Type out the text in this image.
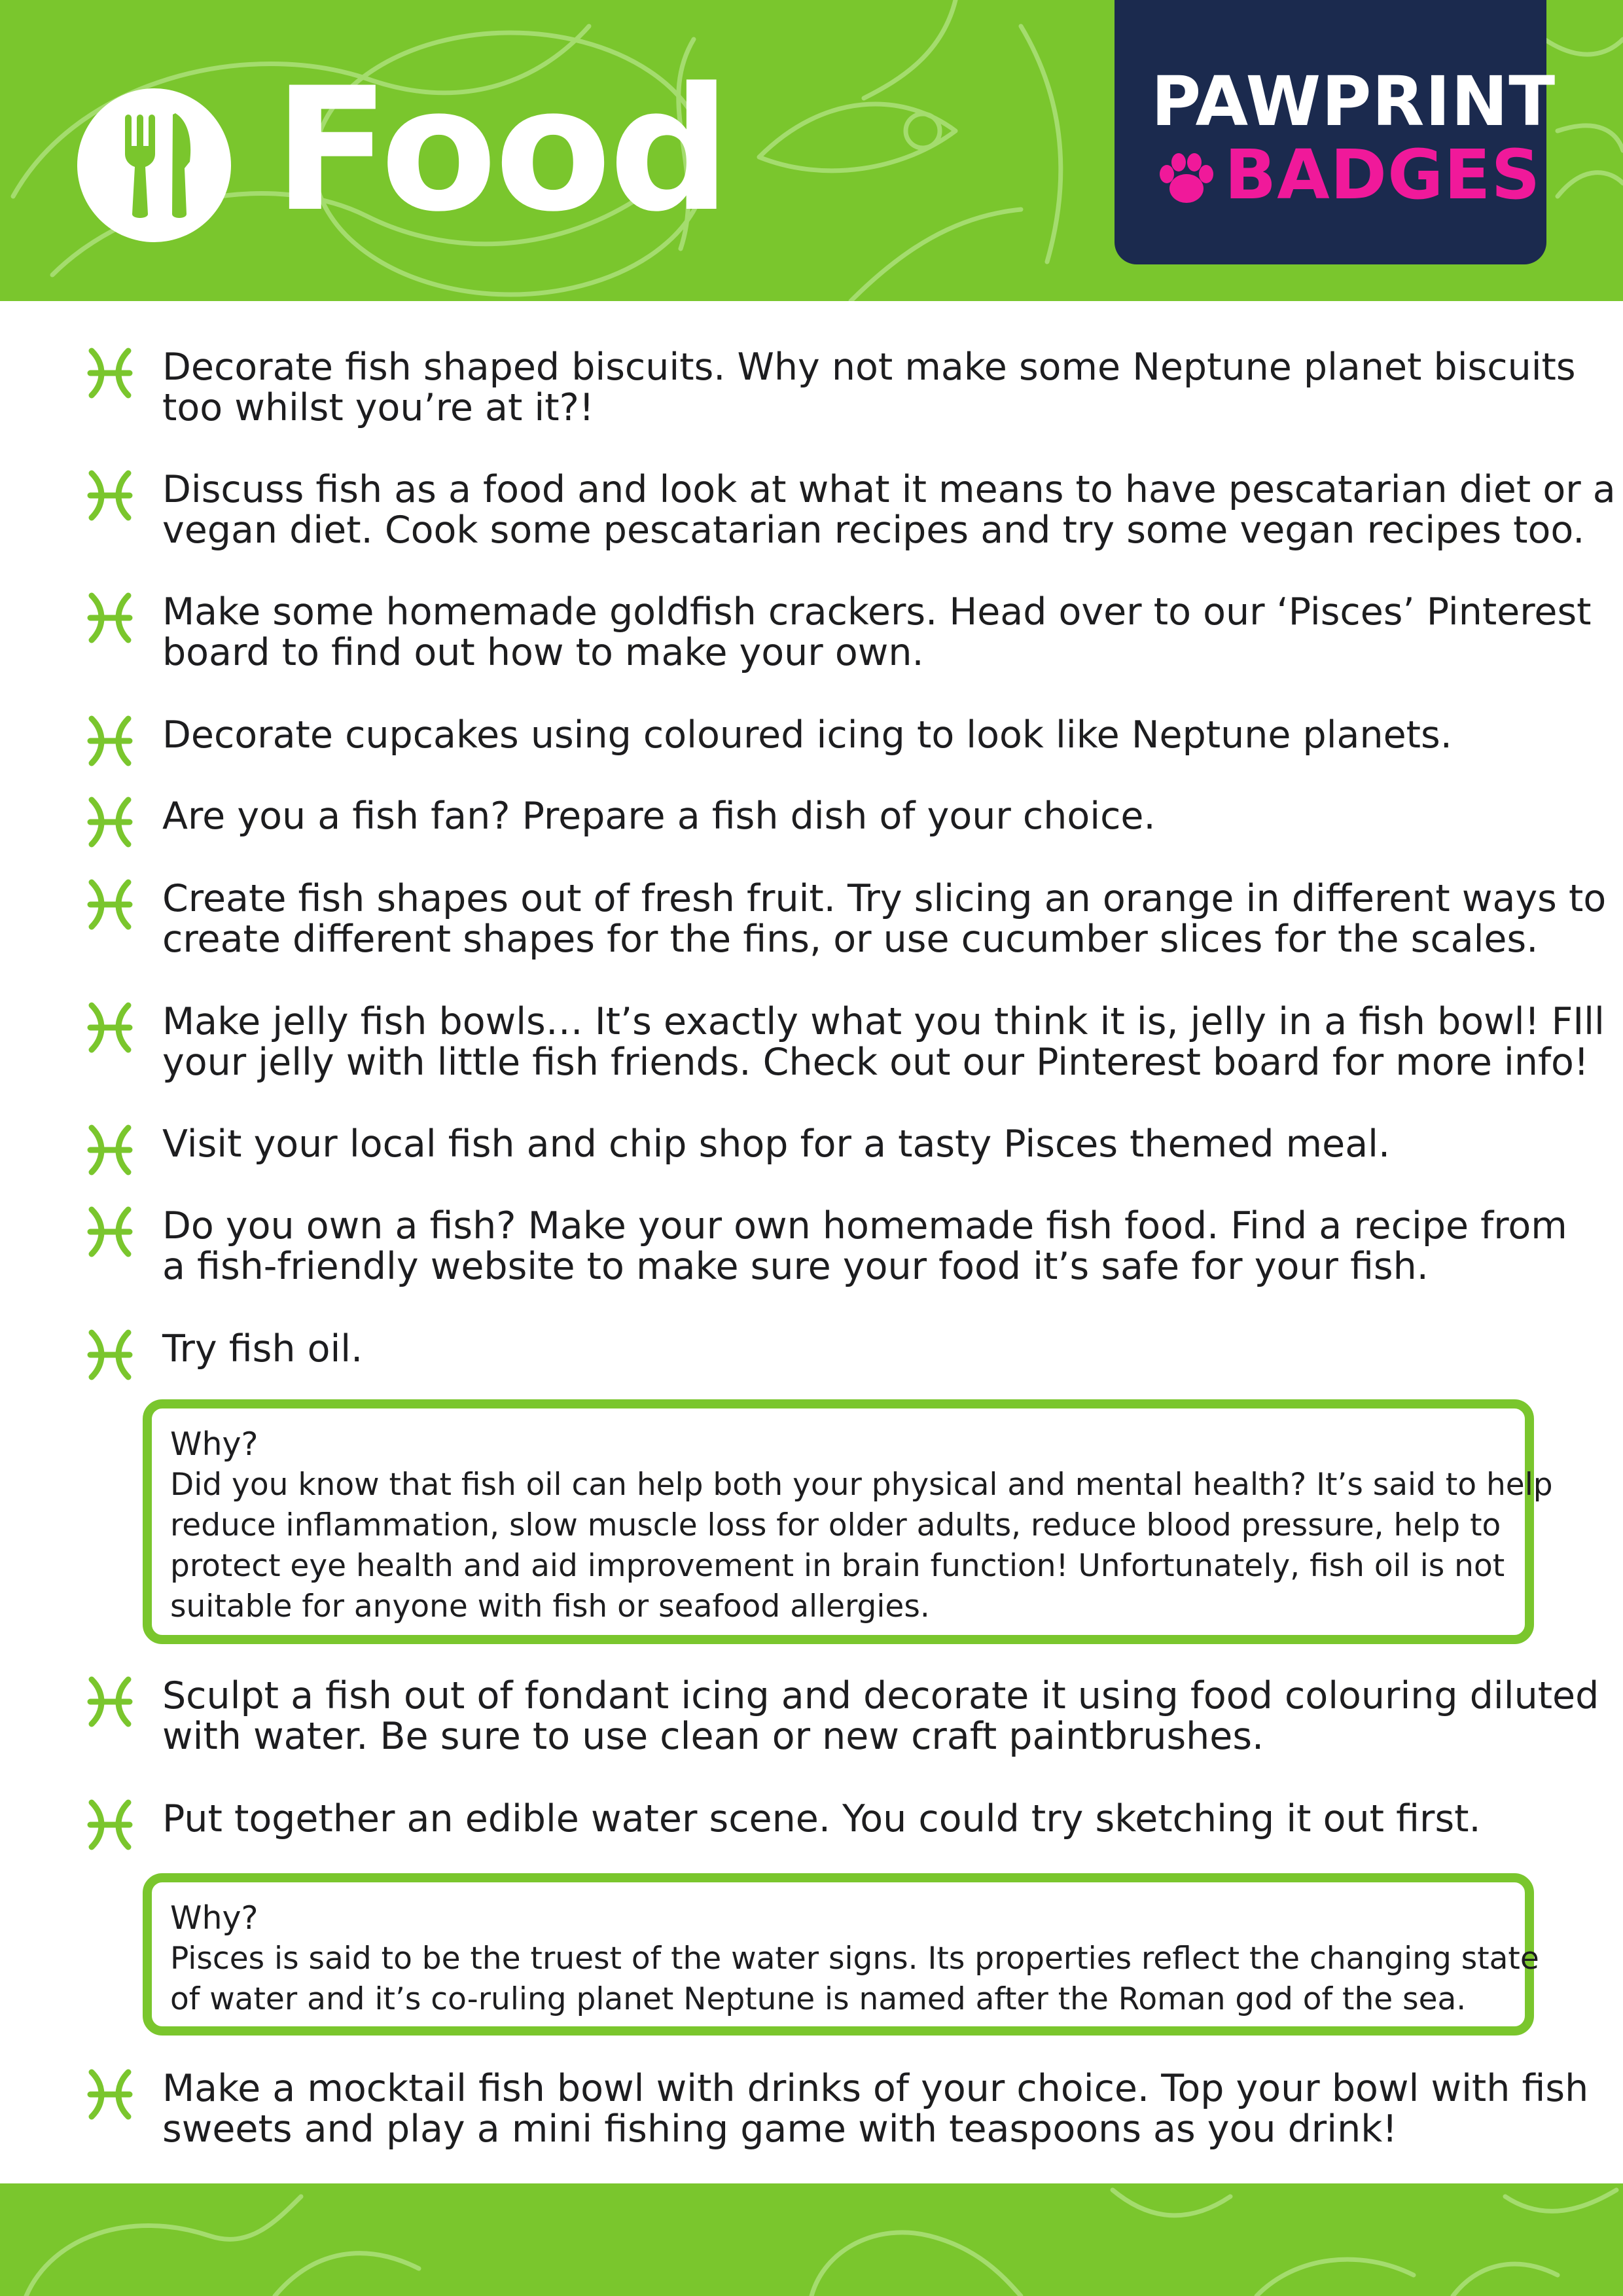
Food	PAWPRINT
BADGES

Decorate fish shaped biscuits. Why not make some Neptune planet biscuits

too whilst you’re at it?!

Discuss fish as a food and look at what it means to have pescatarian diet or a

vegan diet. Cook some pescatarian recipes and try some vegan recipes too.

Make some homemade goldfish crackers. Head over to our ‘Pisces’ Pinterest

board to find out how to make your own.

Decorate cupcakes using coloured icing to look like Neptune planets.

Are you a fish fan? Prepare a fish dish of your choice.

Create fish shapes out of fresh fruit. Try slicing an orange in different ways to

create different shapes for the fins, or use cucumber slices for the scales.

Make jelly fish bowls… It’s exactly what you think it is, jelly in a fish bowl! FIll

your jelly with little fish friends. Check out our Pinterest board for more info!

Visit your local fish and chip shop for a tasty Pisces themed meal.

Do you own a fish? Make your own homemade fish food. Find a recipe from

a fish-friendly website to make sure your food it’s safe for your fish.

Try fish oil.

Why?
Did you know that fish oil can help both your physical and mental health? It’s said to help
reduce inflammation, slow muscle loss for older adults, reduce blood pressure, help to
protect eye health and aid improvement in brain function! Unfortunately, fish oil is not
suitable for anyone with fish or seafood allergies.

Sculpt a fish out of fondant icing and decorate it using food colouring diluted

with water. Be sure to use clean or new craft paintbrushes.

Put together an edible water scene. You could try sketching it out first.

Why?
Pisces is said to be the truest of the water signs. Its properties reflect the changing state
of water and it’s co-ruling planet Neptune is named after the Roman god of the sea.

Make a mocktail fish bowl with drinks of your choice. Top your bowl with fish

sweets and play a mini fishing game with teaspoons as you drink!
